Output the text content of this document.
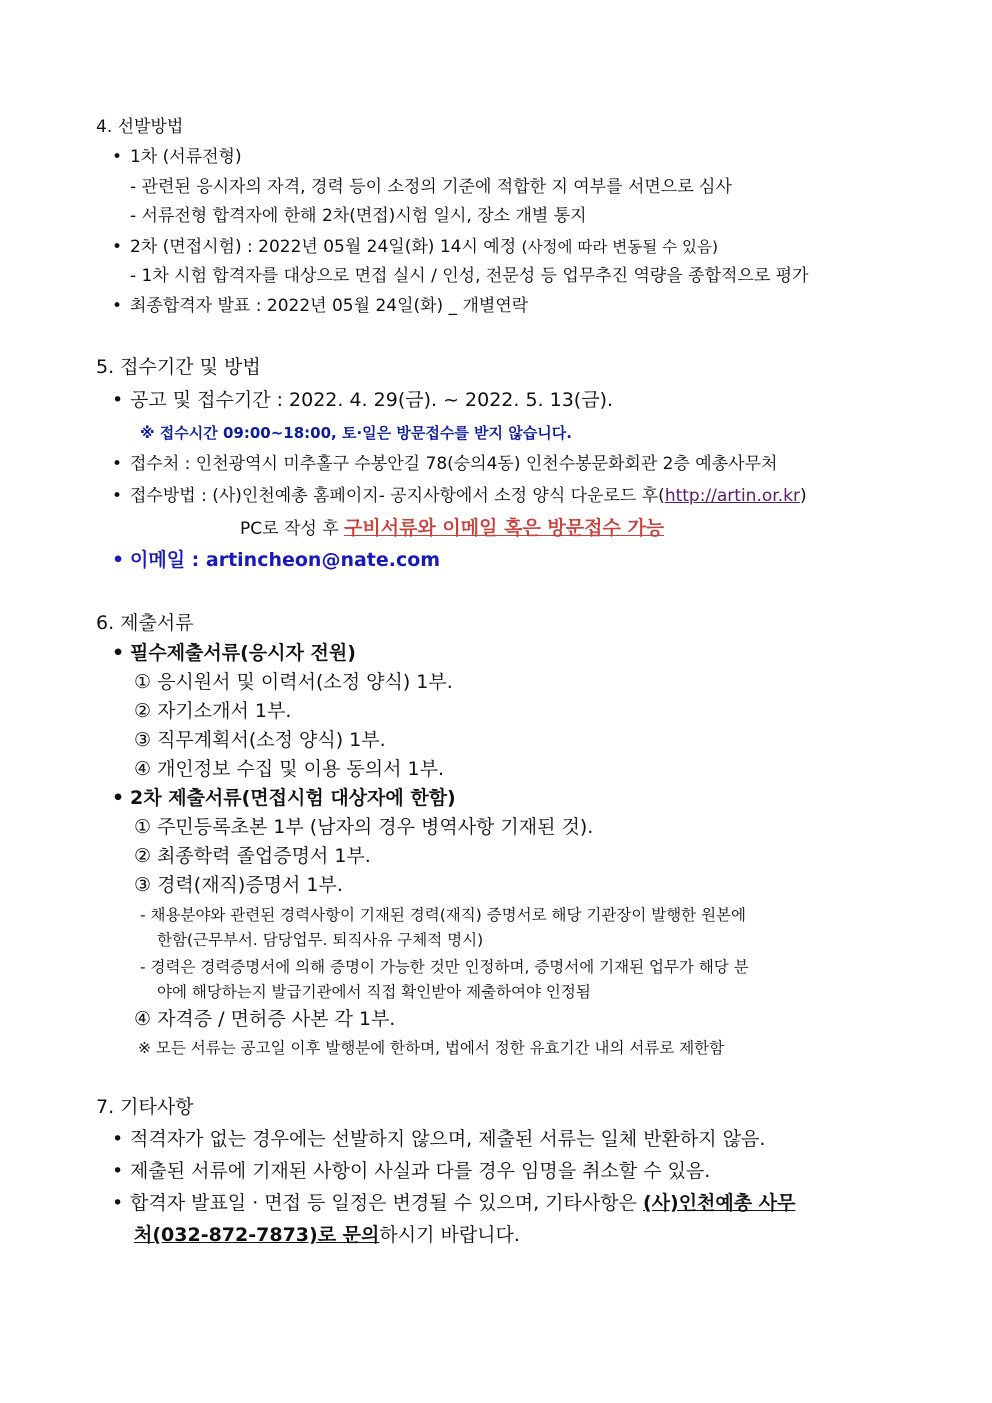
4. 선발방법
• 1차 (서류전형)
- 관련된 응시자의 자격, 경력 등이 소정의 기준에 적합한 지 여부를 서면으로 심사
- 서류전형 합격자에 한해 2차(면접)시험 일시, 장소 개별 통지
• 2차 (면접시험) : 2022년 05월 24일(화) 14시 예정 (사정에 따라 변동될 수 있음)
- 1차 시험 합격자를 대상으로 면접 실시 / 인성, 전문성 등 업무추진 역량을 종합적으로 평가
• 최종합격자 발표 : 2022년 05월 24일(화) _ 개별연락
5. 접수기간 및 방법
• 공고 및 접수기간 : 2022. 4. 29(금). ~ 2022. 5. 13(금).
※ 접수시간 09:00~18:00, 토·일은 방문접수를 받지 않습니다.
• 접수처 : 인천광역시 미추홀구 수봉안길 78(숭의4동) 인천수봉문화회관 2층 예총사무처
• 접수방법 : (사)인천예총 홈페이지- 공지사항에서 소정 양식 다운로드 후(http://artin.or.kr)
PC로 작성 후 구비서류와 이메일 혹은 방문접수 가능
• 이메일 : artincheon@nate.com
6. 제출서류
• 필수제출서류(응시자 전원)
① 응시원서 및 이력서(소정 양식) 1부.
② 자기소개서 1부.
③ 직무계획서(소정 양식) 1부.
④ 개인정보 수집 및 이용 동의서 1부.
• 2차 제출서류(면접시험 대상자에 한함)
① 주민등록초본 1부 (남자의 경우 병역사항 기재된 것).
② 최종학력 졸업증명서 1부.
③ 경력(재직)증명서 1부.
- 채용분야와 관련된 경력사항이 기재된 경력(재직) 증명서로 해당 기관장이 발행한 원본에
한함(근무부서. 담당업무. 퇴직사유 구체적 명시)
- 경력은 경력증명서에 의해 증명이 가능한 것만 인정하며, 증명서에 기재된 업무가 해당 분
야에 해당하는지 발급기관에서 직접 확인받아 제출하여야 인정됨
④ 자격증 / 면허증 사본 각 1부.
※ 모든 서류는 공고일 이후 발행분에 한하며, 법에서 정한 유효기간 내의 서류로 제한함
7. 기타사항
• 적격자가 없는 경우에는 선발하지 않으며, 제출된 서류는 일체 반환하지 않음.
• 제출된 서류에 기재된 사항이 사실과 다를 경우 임명을 취소할 수 있음.
• 합격자 발표일 · 면접 등 일정은 변경될 수 있으며, 기타사항은 (사)인천예총 사무
처(032-872-7873)로 문의하시기 바랍니다.
